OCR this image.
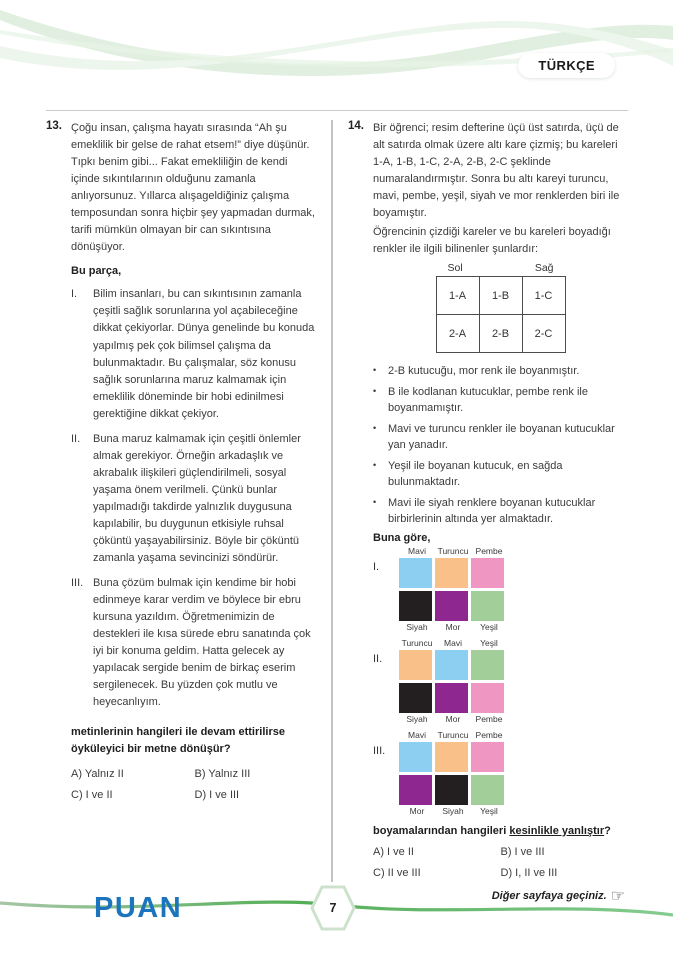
TÜRKÇE
13. Çoğu insan, çalışma hayatı sırasında “Ah şu emeklilik bir gelse de rahat etsem!” diye düşünür. Tıpkı benim gibi... Fakat emekliliğin de kendi içinde sıkıntılarının olduğunu zamanla anlıyorsunuz. Yıllarca alışageldiğiniz çalışma temposundan sonra hiçbir şey yapmadan durmak, tarifi mümkün olmayan bir can sıkıntısına dönüşüyor.

Bu parça,

I.	Bilim insanları, bu can sıkıntısının zamanla çeşitli sağlık sorunlarına yol açabileceğine dikkat çekiyorlar. Dünya genelinde bu konuda yapılmış pek çok bilimsel çalışma da bulunmaktadır. Bu çalışmalar, söz konusu sağlık sorunlarına maruz kalmamak için emeklilik döneminde bir hobi edinilmesi gerektiğine dikkat çekiyor.
II.	Buna maruz kalmamak için çeşitli önlemler almak gerekiyor. Örneğin arkadaşlık ve akrabalık ilişkileri güçlendirilmeli, sosyal yaşama önem verilmeli. Çünkü bunlar yapılmadığı takdirde yalnızlık duygusuna kapılabilir, bu duygunun etkisiyle ruhsal çöküntü yaşayabilirsiniz. Böyle bir çöküntü zamanla yaşama sevincinizi söndürür.
III. Buna çözüm bulmak için kendime bir hobi edinmeye karar verdim ve böylece bir ebru kursuna yazıldım. Öğretmenimizin de destekleri ile kısa sürede ebru sanatında çok iyi bir konuma geldim. Hatta gelecek ay yapılacak sergide benim de birkaç eserim sergilenecek. Bu yüzden çok mutlu ve heyecanlıyım.

metinlerinin hangileri ile devam ettirilirse öyküleyici bir metne dönüşür?

A) Yalnız II	B) Yalnız III
C) I ve II	D) I ve III
14. Bir öğrenci; resim defterine üçü üst satırda, üçü de alt satırda olmak üzere altı kare çizmiş; bu kareleri 1-A, 1-B, 1-C, 2-A, 2-B, 2-C şeklinde numaralandırmıştır. Sonra bu altı kareyi turuncu, mavi, pembe, yeşil, siyah ve mor renklerden biri ile boyamıştır.

Öğrencinin çizdiği kareler ve bu kareleri boyadığı renkler ile ilgili bilinenler şunlardır:

Sol	Sağ
1-A	1-B	1-C
2-A	2-B	2-C
•	2-B kutucuğu, mor renk ile boyanmıştır.
•	B ile kodlanan kutucuklar, pembe renk ile boyanmamıştır.
•	Mavi ve turuncu renkler ile boyanan kutucuklar yan yanadır.
•	Yeşil ile boyanan kutucuk, en sağda bulunmaktadır.
•	Mavi ile siyah renklere boyanan kutucuklar birbirlerinin altında yer almaktadır.

Buna göre,

I.
Mavi	Turuncu Pembe
Siyah	Mor	Yeşil
II.
Turuncu	Mavi	Yeşil
Siyah	Mor	Pembe
III.
Mavi	Turuncu Pembe
Mor	Siyah	Yeşil

boyamalarından hangileri kesinlikle yanlıştır?

A) I ve II	B) I ve III
C) II ve III	D) I, II ve III
PUAN	7
Diğer sayfaya geçiniz. ☞
